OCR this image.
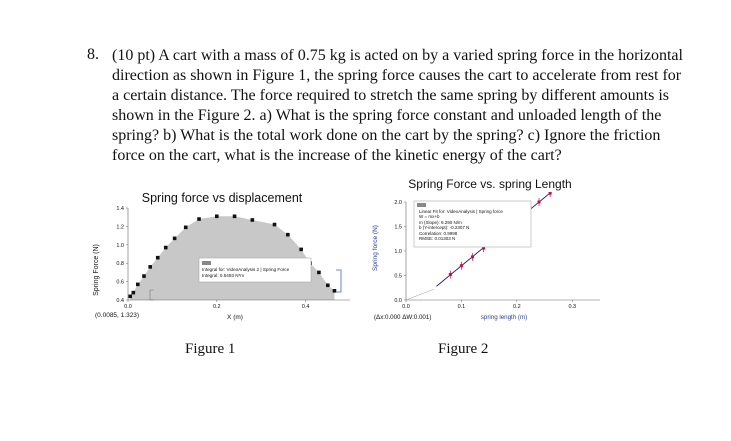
8. (10 pt) A cart with a mass of 0.75 kg is acted on by a varied spring force in the horizontal
direction as shown in Figure 1, the spring force causes the cart to accelerate from rest for
a certain distance. The force required to stretch the same spring by different amounts is
shown in the Figure 2. a) What is the spring force constant and unloaded length of the
spring? b) What is the total work done on the cart by the spring? c) Ignore the friction
force on the cart, what is the increase of the kinetic energy of the cart?
Spring force vs displacement
Spring Force (N)
0.4
0.6
0.8
1.0
1.2
1.4
0.0	0.2	0.4
Integral for: VideoAnalysis 2 | Spring Force
Integral: 0.5493 N*m
(0.0085, 1.323)	X (m)
Figure 1
Spring Force vs. spring Length
Spring force (N)
0.0
0.5
1.0
1.5
2.0
0.0	0.1	0.2	0.3
Linear Fit for: VideoAnalysis | Spring force
W = mx+b
m (Slope): 9.290 N/m
b (Y-intercept): -0.2307 N
Correlation: 0.9998
RMSE: 0.01303 N
(Δx:0.000 ΔW:0.001)	spring length (m)
Figure 2
